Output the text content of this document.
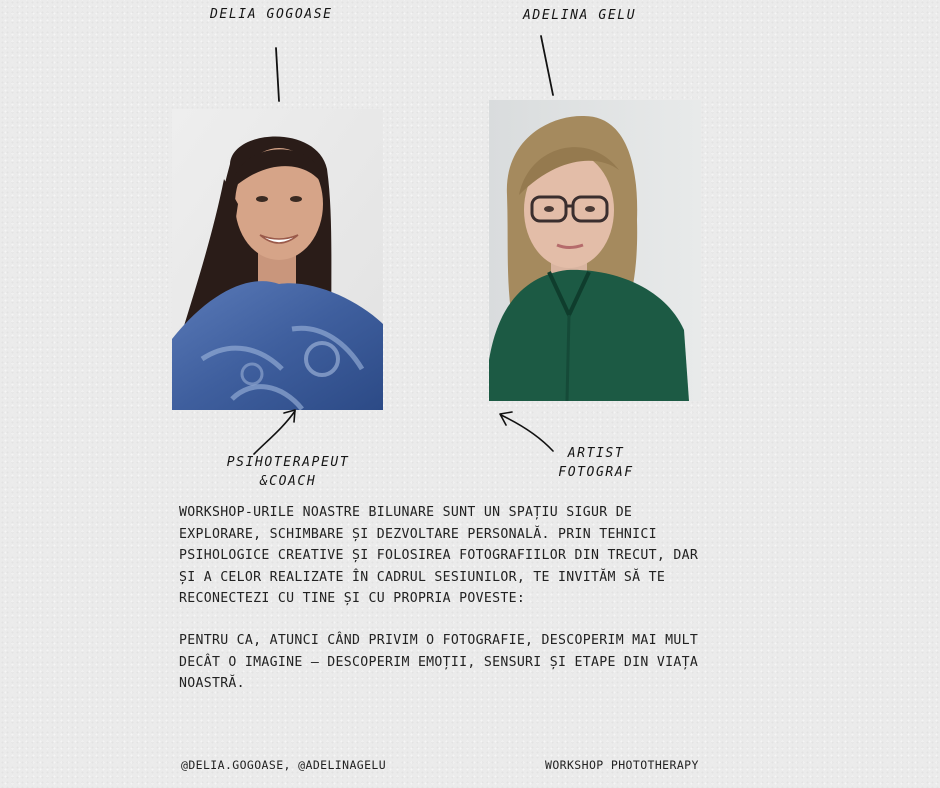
DELIA GOGOASE	ADELINA GELU
PSIHOTERAPEUT
&COACH
ARTIST
FOTOGRAF

WORKSHOP-URILE NOASTRE BILUNARE SUNT UN SPAȚIU SIGUR DE EXPLORARE, SCHIMBARE ȘI DEZVOLTARE PERSONALĂ. PRIN TEHNICI PSIHOLOGICE CREATIVE ȘI FOLOSIREA FOTOGRAFIILOR DIN TRECUT, DAR ȘI A CELOR REALIZATE ÎN CADRUL SESIUNILOR, TE INVITĂM SĂ TE RECONECTEZI CU TINE ȘI CU PROPRIA POVESTE:

PENTRU CA, ATUNCI CÂND PRIVIM O FOTOGRAFIE, DESCOPERIM MAI MULT DECÂT O IMAGINE – DESCOPERIM EMOȚII, SENSURI ȘI ETAPE DIN VIAȚA NOASTRĂ.

@DELIA.GOGOASE, @ADELINAGELU	WORKSHOP PHOTOTHERAPY
